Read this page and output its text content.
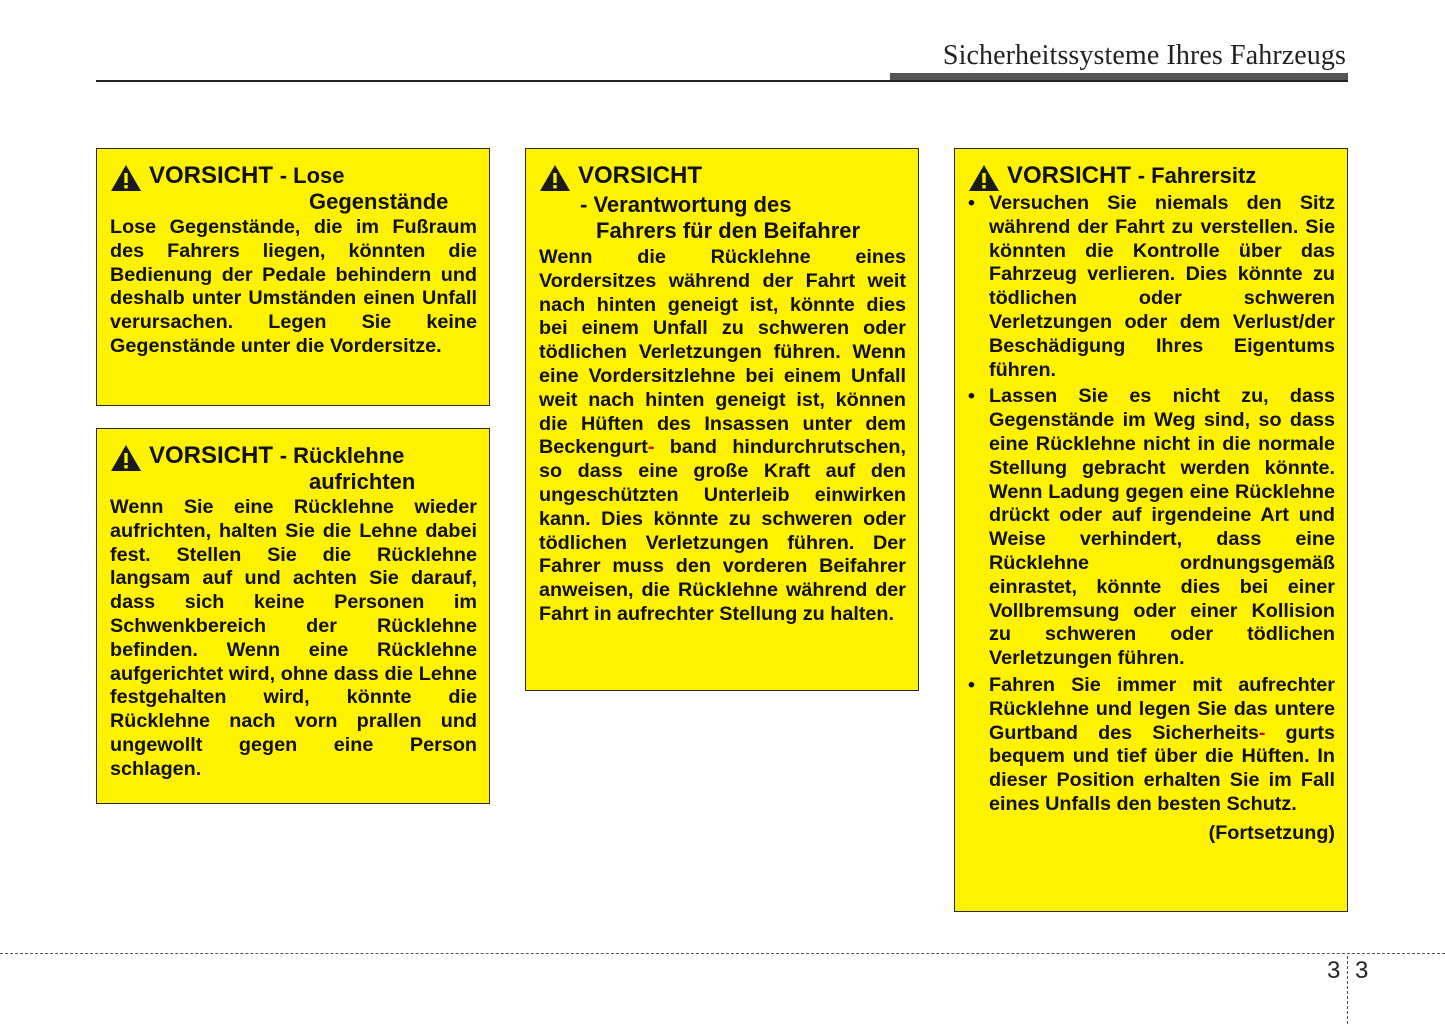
Sicherheitssysteme Ihres Fahrzeugs
VORSICHT - Lose
Gegenstände
Lose Gegenstände, die im Fußraum des Fahrers liegen, könnten die Bedienung der Pedale behindern und deshalb unter Umständen einen Unfall verursachen. Legen Sie keine Gegenstände unter die Vordersitze.
VORSICHT - Rücklehne
aufrichten
Wenn Sie eine Rücklehne wieder aufrichten, halten Sie die Lehne dabei fest. Stellen Sie die Rücklehne langsam auf und achten Sie darauf, dass sich keine Personen im Schwenkbereich der Rücklehne befinden. Wenn eine Rücklehne aufgerichtet wird, ohne dass die Lehne festgehalten wird, könnte die Rücklehne nach vorn prallen und ungewollt gegen eine Person schlagen.
VORSICHT
- Verantwortung des
Fahrers für den Beifahrer
Wenn die Rücklehne eines Vordersitzes während der Fahrt weit nach hinten geneigt ist, könnte dies bei einem Unfall zu schweren oder tödlichen Verletzungen führen. Wenn eine Vordersitzlehne bei einem Unfall weit nach hinten geneigt ist, können die Hüften des Insassen unter dem Beckengurt- band hindurchrutschen, so dass eine große Kraft auf den ungeschützten Unterleib einwirken kann. Dies könnte zu schweren oder tödlichen Verletzungen führen. Der Fahrer muss den vorderen Beifahrer anweisen, die Rücklehne während der Fahrt in aufrechter Stellung zu halten.
VORSICHT - Fahrersitz
• Versuchen Sie niemals den Sitz während der Fahrt zu verstellen. Sie könnten die Kontrolle über das Fahrzeug verlieren. Dies könnte zu tödlichen oder schweren Verletzungen oder dem Verlust/der Beschädigung Ihres Eigentums führen.
• Lassen Sie es nicht zu, dass Gegenstände im Weg sind, so dass eine Rücklehne nicht in die normale Stellung gebracht werden könnte. Wenn Ladung gegen eine Rücklehne drückt oder auf irgendeine Art und Weise verhindert, dass eine Rücklehne ordnungsgemäß einrastet, könnte dies bei einer Vollbremsung oder einer Kollision zu schweren oder tödlichen Verletzungen führen.
• Fahren Sie immer mit aufrechter Rücklehne und legen Sie das untere Gurtband des Sicherheits- gurts bequem und tief über die Hüften. In dieser Position erhalten Sie im Fall eines Unfalls den besten Schutz.
(Fortsetzung)
3 3
